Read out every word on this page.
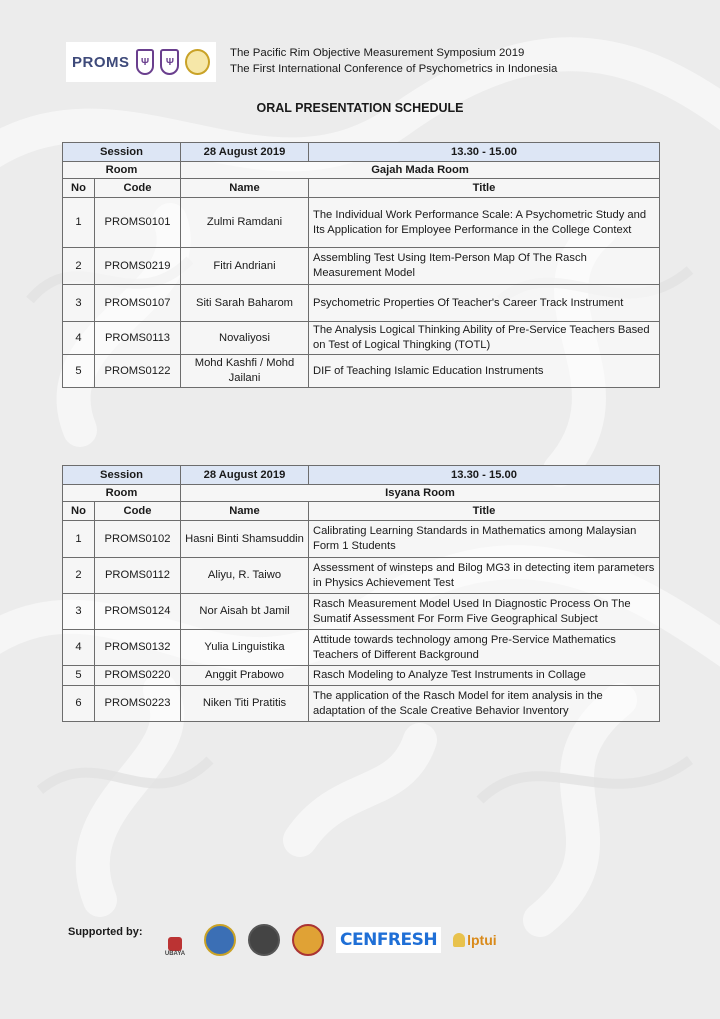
PROMS	Ψ	Ψ
The Pacific Rim Objective Measurement Symposium 2019
The First International Conference of Psychometrics in Indonesia
ORAL PRESENTATION SCHEDULE
Session		28 August 2019	13.30 - 15.00
Room		Gajah Mada Room	
No	Code	Name	Title
1	PROMS0101	Zulmi Ramdani	The Individual Work Performance Scale: A Psychometric Study and Its Application for Employee Performance in the College Context
2	PROMS0219	Fitri Andriani	Assembling Test Using Item-Person Map Of The Rasch Measurement Model
3	PROMS0107	Siti Sarah Baharom	Psychometric Properties Of Teacher's Career Track Instrument
4	PROMS0113	Novaliyosi	The Analysis Logical Thinking Ability of Pre-Service Teachers Based on Test of Logical Thingking (TOTL)
5	PROMS0122	Mohd Kashfi / Mohd Jailani	DIF of Teaching Islamic Education Instruments
Session		28 August 2019	13.30 - 15.00
Room		Isyana Room	
No	Code	Name	Title
1	PROMS0102	Hasni Binti Shamsuddin	Calibrating Learning Standards in Mathematics among Malaysian Form 1 Students
2	PROMS0112	Aliyu, R. Taiwo	Assessment of winsteps and Bilog MG3 in detecting item parameters in Physics Achievement Test
3	PROMS0124	Nor Aisah bt Jamil	Rasch Measurement Model Used In Diagnostic Process On The Sumatif Assessment For Form Five Geographical Subject
4	PROMS0132	Yulia Linguistika	Attitude towards technology among Pre-Service Mathematics Teachers of Different Background
5	PROMS0220	Anggit Prabowo	Rasch Modeling to Analyze Test Instruments in Collage
6	PROMS0223	Niken Titi Pratitis	The application of the Rasch Model for item analysis in the adaptation of the Scale Creative Behavior Inventory
Supported by:
UBAYA
CENFRESH lptui
